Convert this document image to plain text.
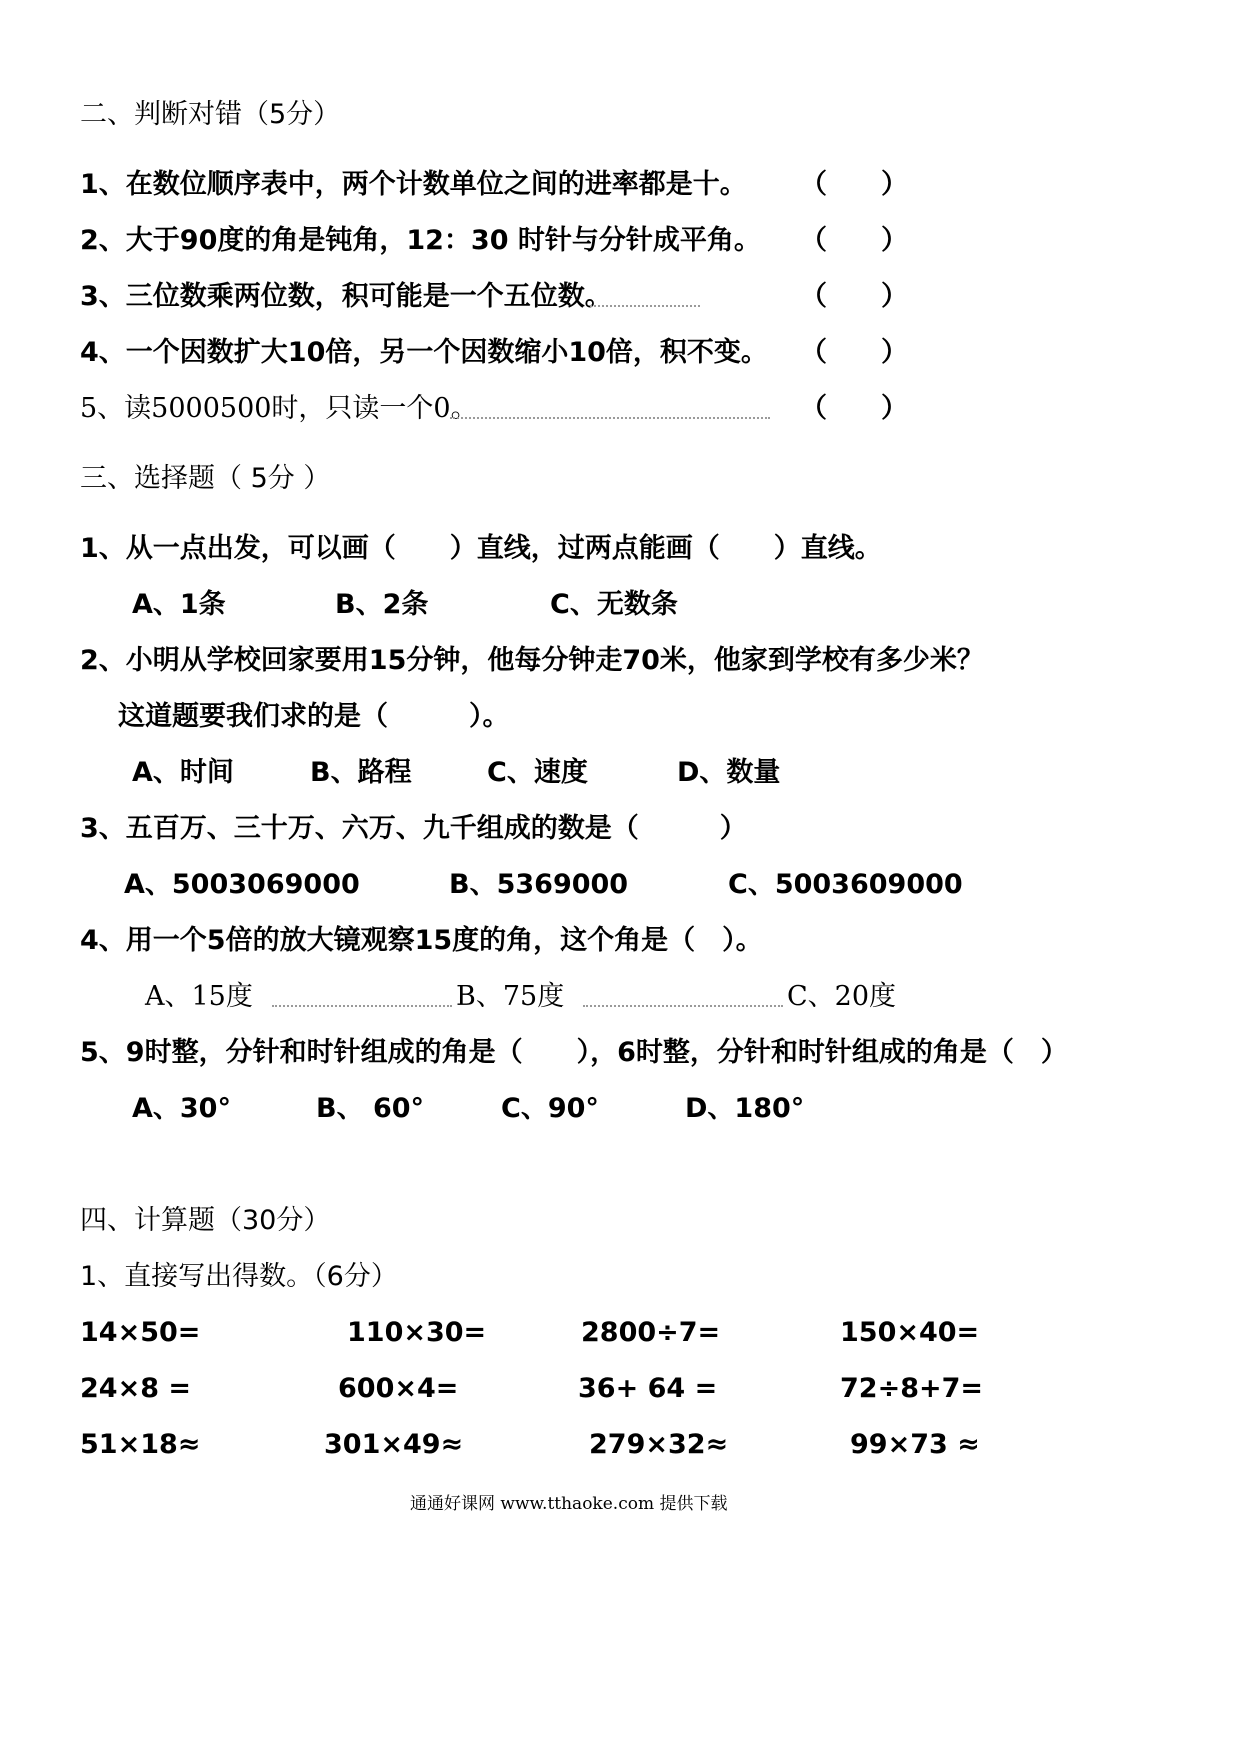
二、判断对错（5分）
1、在数位顺序表中，两个计数单位之间的进率都是十。 （　　）
2、大于90度的角是钝角，12：30 时针与分针成平角。 （　　）
3、三位数乘两位数，积可能是一个五位数。	（　　）
4、一个因数扩大10倍，另一个因数缩小10倍，积不变。 （　　）
5、读5000500时，只读一个0。	（　　）
三、选择题（ 5分 ）
1、从一点出发，可以画（　　）直线，过两点能画（　　）直线。
A、1条	B、2条	C、无数条
2、小明从学校回家要用15分钟，他每分钟走70米，他家到学校有多少米？
这道题要我们求的是（　　　）。
A、时间	B、路程	C、速度	D、数量
3、五百万、三十万、六万、九千组成的数是（　　　）
A、5003069000	B、5369000	C、5003609000
4、用一个5倍的放大镜观察15度的角，这个角是（　）。
A、15度	B、75度	C、20度
5、9时整，分针和时针组成的角是（　　），6时整，分针和时针组成的角是（　）
A、30°	B、 60°	C、90°	D、180°
四、计算题（30分）
1、直接写出得数。（6分）
14×50=	110×30=	2800÷7=	150×40=
24×8 =	600×4=	36+ 64 =	72÷8+7=
51×18≈	301×49≈	279×32≈	99×73 ≈
通通好课网 www.tthaoke.com 提供下载
